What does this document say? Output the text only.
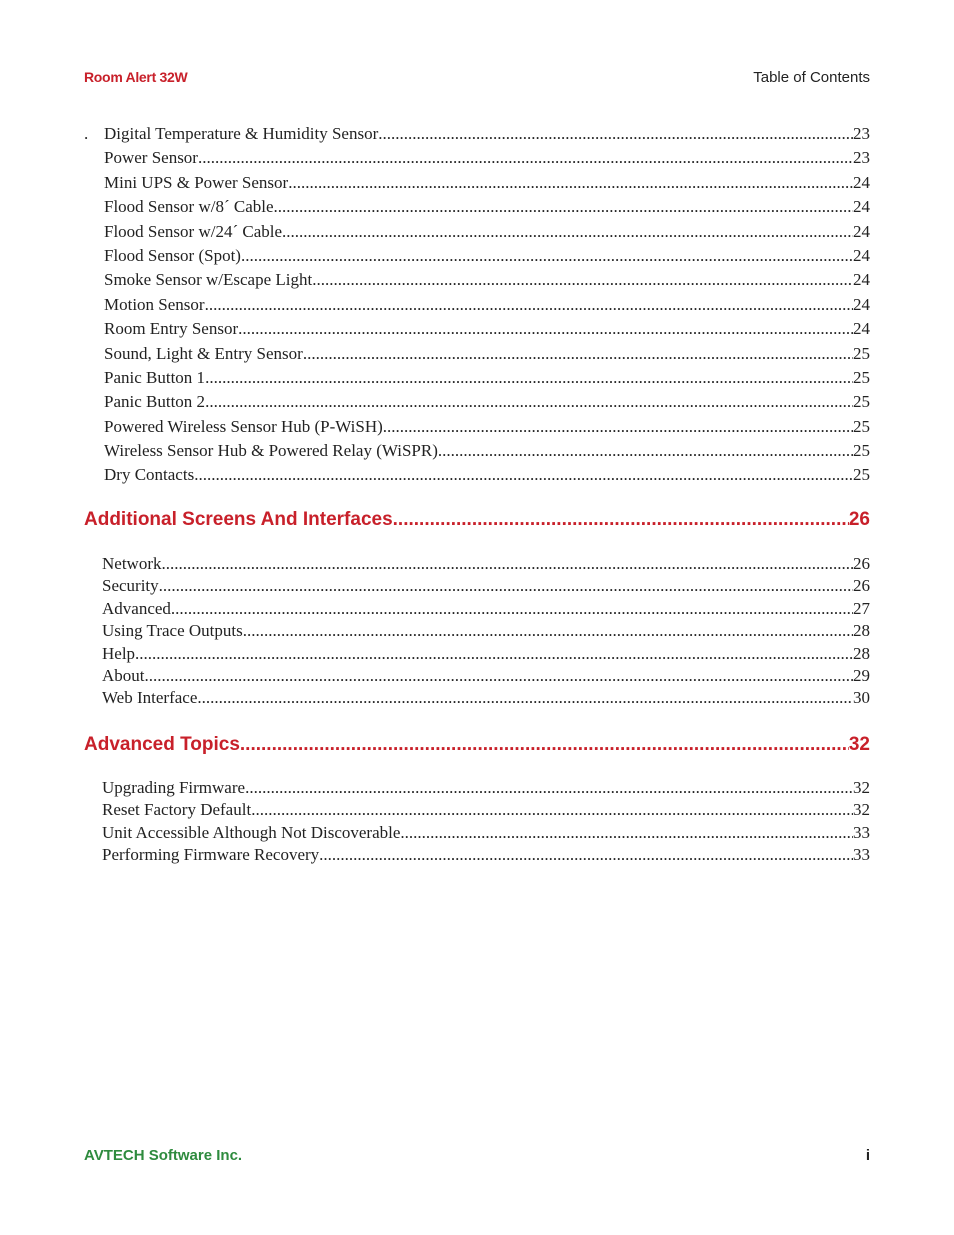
Room Alert 32W	Table of Contents
. Digital Temperature & Humidity Sensor .....	23
Power Sensor .....	23
Mini UPS & Power Sensor .....	24
Flood Sensor w/8´ Cable .....	24
Flood Sensor w/24´ Cable .....	24
Flood Sensor (Spot) .....	24
Smoke Sensor w/Escape Light .....	24
Motion Sensor .....	24
Room Entry Sensor .....	24
Sound, Light & Entry Sensor .....	25
Panic Button 1 .....	25
Panic Button 2 .....	25
Powered Wireless Sensor Hub (P-WiSH) .....	25
Wireless Sensor Hub & Powered Relay (WiSPR) .....	25
Dry Contacts .....	25
Additional Screens And Interfaces .....	26
Network .....	26
Security .....	26
Advanced .....	27
Using Trace Outputs .....	28
Help .....	28
About .....	29
Web Interface .....	30
Advanced Topics .....	32
Upgrading Firmware .....	32
Reset Factory Default .....	32
Unit Accessible Although Not Discoverable .....	33
Performing Firmware Recovery .....	33
AVTECH Software Inc.	i
